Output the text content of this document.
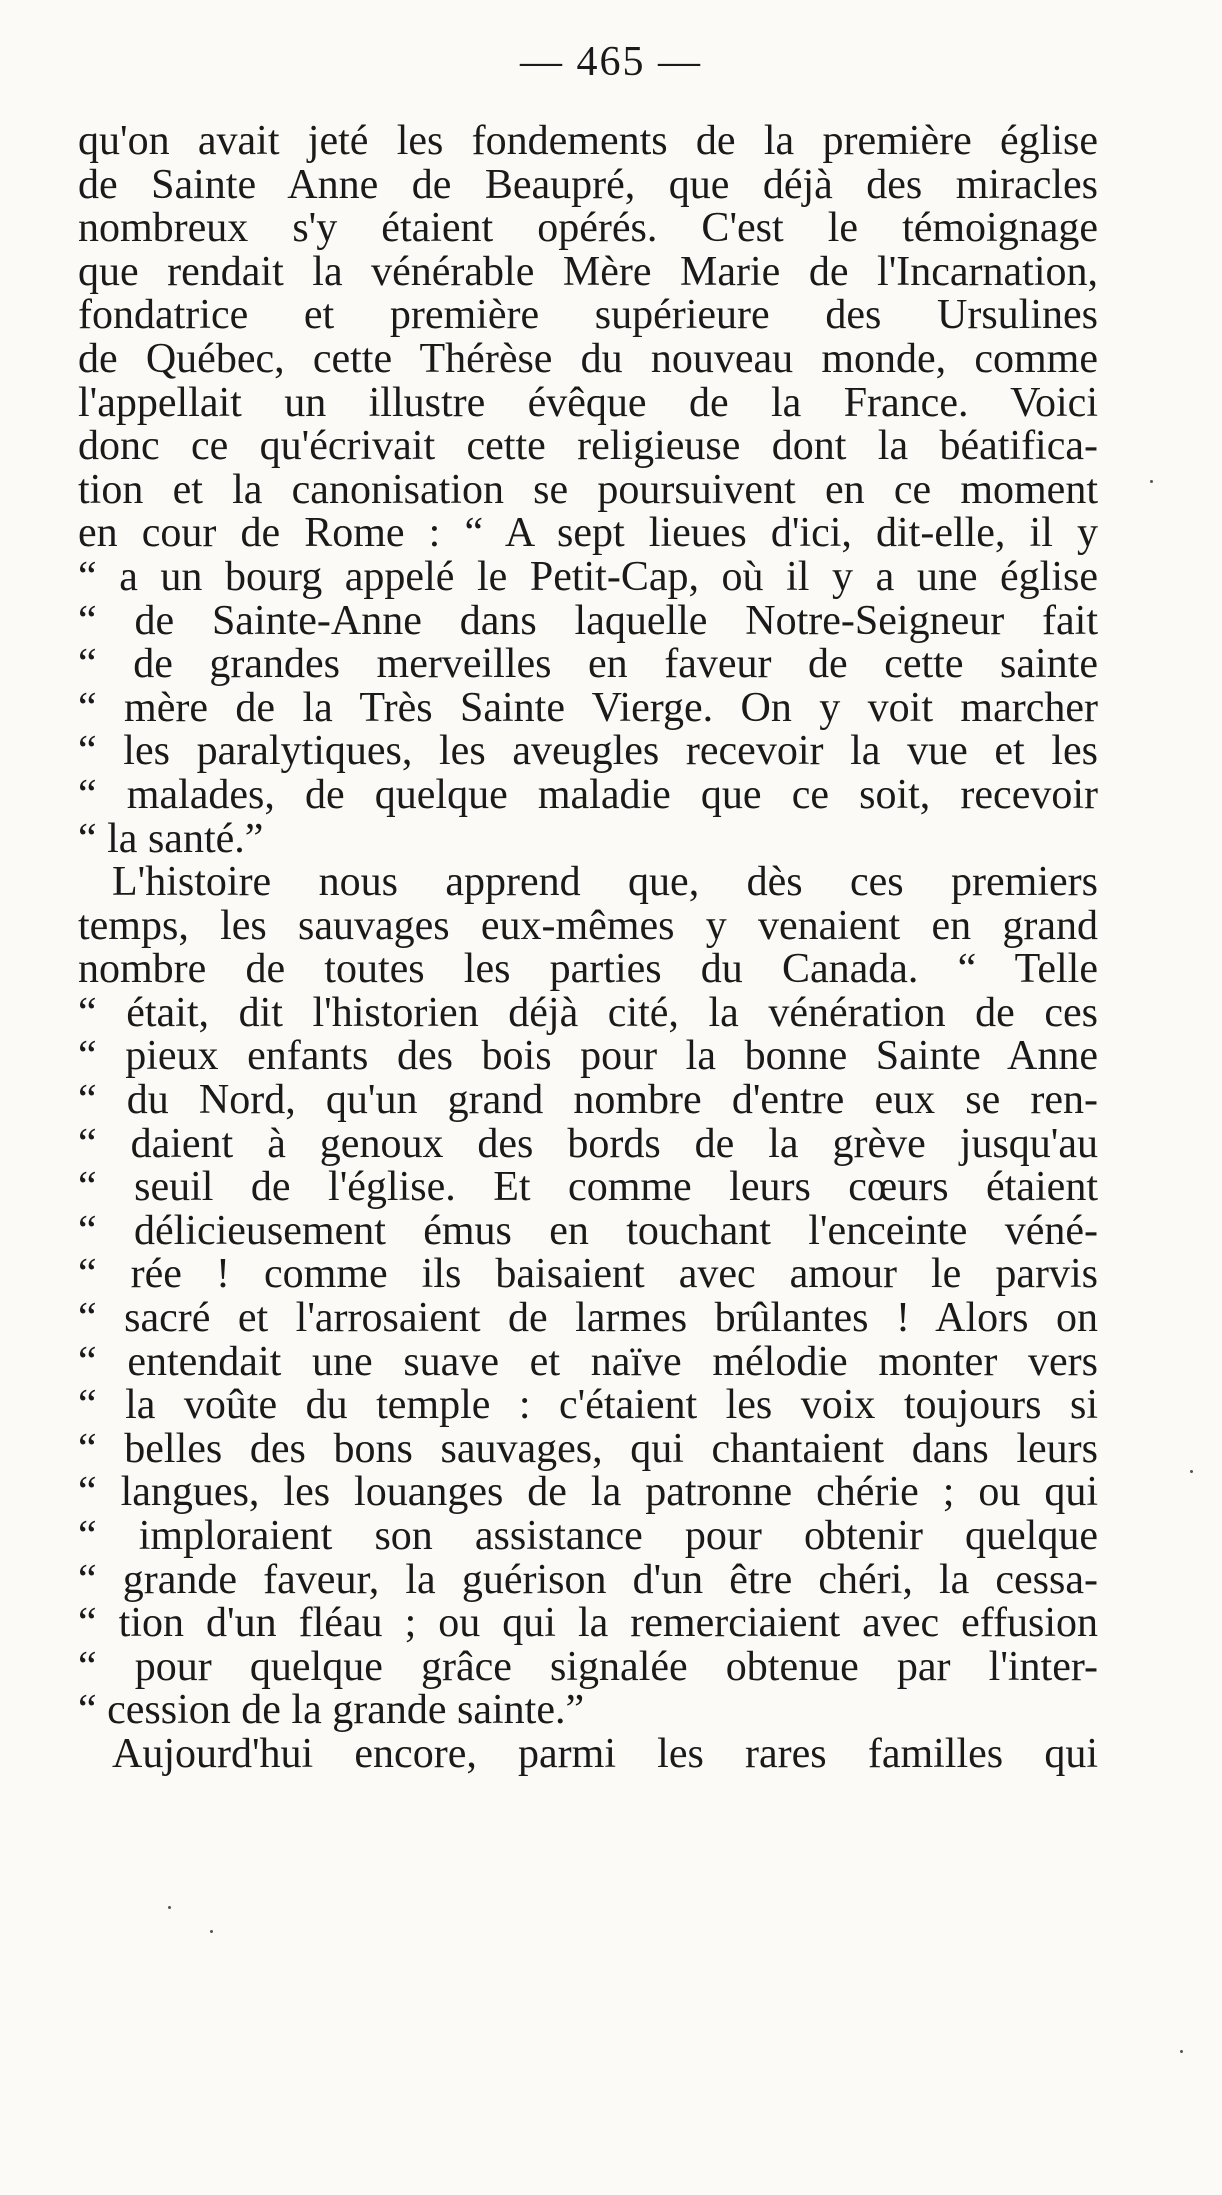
— 465 —
qu'on avait jeté les fondements de la première église
de Sainte Anne de Beaupré, que déjà des miracles
nombreux s'y étaient opérés. C'est le témoignage
que rendait la vénérable Mère Marie de l'Incarnation,
fondatrice et première supérieure des Ursulines
de Québec, cette Thérèse du nouveau monde, comme
l'appellait un illustre évêque de la France. Voici
donc ce qu'écrivait cette religieuse dont la béatifica-
tion et la canonisation se poursuivent en ce moment
en cour de Rome : “ A sept lieues d'ici, dit-elle, il y
“ a un bourg appelé le Petit-Cap, où il y a une église
“ de Sainte-Anne dans laquelle Notre-Seigneur fait
“ de grandes merveilles en faveur de cette sainte
“ mère de la Très Sainte Vierge. On y voit marcher
“ les paralytiques, les aveugles recevoir la vue et les
“ malades, de quelque maladie que ce soit, recevoir
“ la santé.”
L'histoire nous apprend que, dès ces premiers
temps, les sauvages eux-mêmes y venaient en grand
nombre de toutes les parties du Canada. “ Telle
“ était, dit l'historien déjà cité, la vénération de ces
“ pieux enfants des bois pour la bonne Sainte Anne
“ du Nord, qu'un grand nombre d'entre eux se ren-
“ daient à genoux des bords de la grève jusqu'au
“ seuil de l'église. Et comme leurs cœurs étaient
“ délicieusement émus en touchant l'enceinte véné-
“ rée ! comme ils baisaient avec amour le parvis
“ sacré et l'arrosaient de larmes brûlantes ! Alors on
“ entendait une suave et naïve mélodie monter vers
“ la voûte du temple : c'étaient les voix toujours si
“ belles des bons sauvages, qui chantaient dans leurs
“ langues, les louanges de la patronne chérie ; ou qui
“ imploraient son assistance pour obtenir quelque
“ grande faveur, la guérison d'un être chéri, la cessa-
“ tion d'un fléau ; ou qui la remerciaient avec effusion
“ pour quelque grâce signalée obtenue par l'inter-
“ cession de la grande sainte.”
Aujourd'hui encore, parmi les rares familles qui
